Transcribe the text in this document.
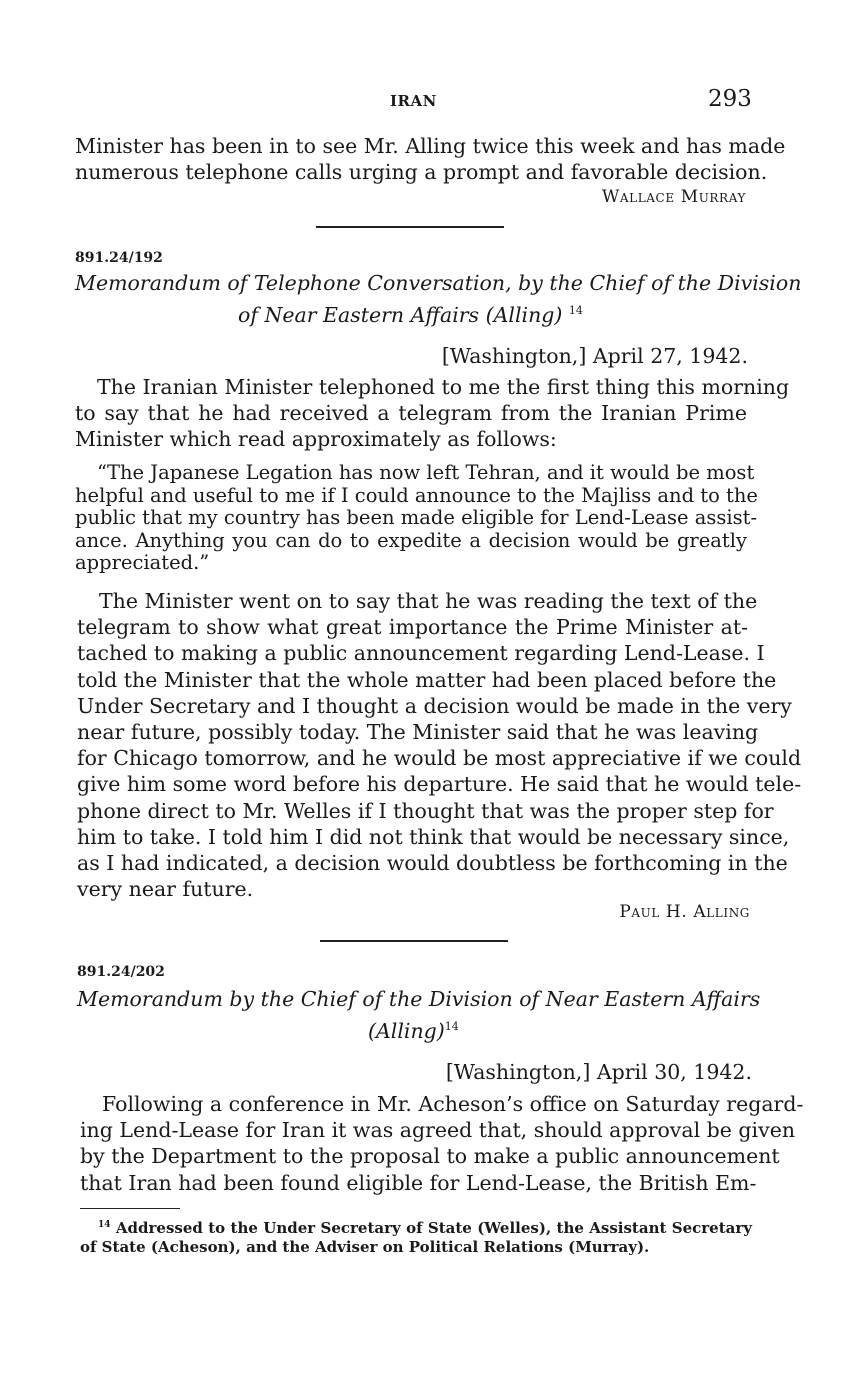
IRAN	293
Minister has been in to see Mr. Alling twice this week and has made
numerous telephone calls urging a prompt and favorable decision.
Wallace Murray
891.24/192
Memorandum of Telephone Conversation, by the Chief of the Division
of Near Eastern Affairs (Alling) $^{14}$
[Washington,] April 27, 1942.
The Iranian Minister telephoned to me the first thing this morning
to say that he had received a telegram from the Iranian Prime
Minister which read approximately as follows:
“The Japanese Legation has now left Tehran, and it would be most
helpful and useful to me if I could announce to the Majliss and to the
public that my country has been made eligible for Lend-Lease assist-
ance. Anything you can do to expedite a decision would be greatly
appreciated.”
The Minister went on to say that he was reading the text of the
telegram to show what great importance the Prime Minister at-
tached to making a public announcement regarding Lend-Lease. I
told the Minister that the whole matter had been placed before the
Under Secretary and I thought a decision would be made in the very
near future, possibly today. The Minister said that he was leaving
for Chicago tomorrow, and he would be most appreciative if we could
give him some word before his departure. He said that he would tele-
phone direct to Mr. Welles if I thought that was the proper step for
him to take. I told him I did not think that would be necessary since,
as I had indicated, a decision would doubtless be forthcoming in the
very near future.
Paul H. Alling
891.24/202
Memorandum by the Chief of the Division of Near Eastern Affairs
(Alling)$^{14}$
[Washington,] April 30, 1942.
Following a conference in Mr. Acheson’s office on Saturday regard-
ing Lend-Lease for Iran it was agreed that, should approval be given
by the Department to the proposal to make a public announcement
that Iran had been found eligible for Lend-Lease, the British Em-
$^{14}$ Addressed to the Under Secretary of State (Welles), the Assistant Secretary
of State (Acheson), and the Adviser on Political Relations (Murray).
